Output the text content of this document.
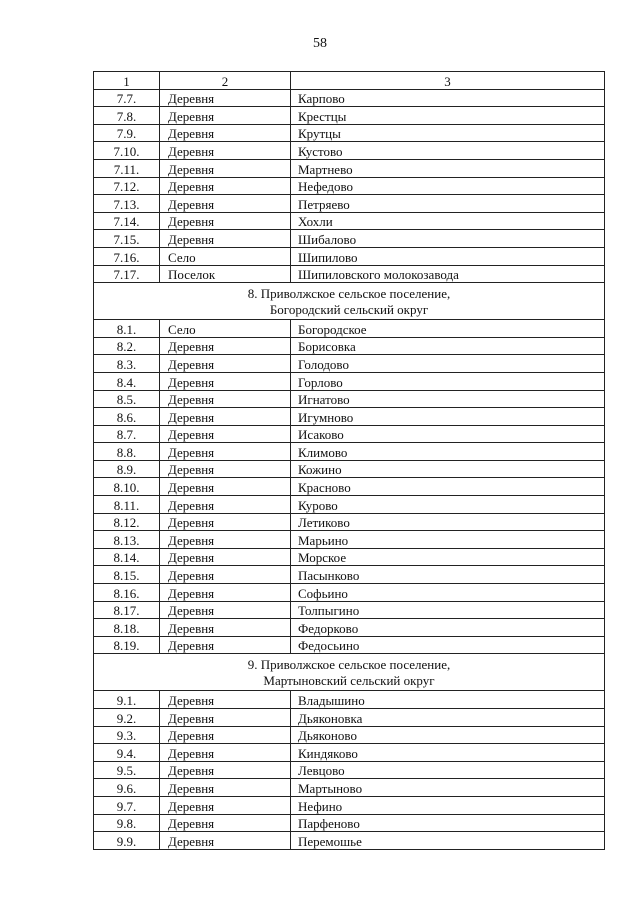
58
1	2	3
7.7.	Деревня	Карпово
7.8.	Деревня	Крестцы
7.9.	Деревня	Крутцы
7.10.	Деревня	Кустово
7.11.	Деревня	Мартнево
7.12.	Деревня	Нефедово
7.13.	Деревня	Петряево
7.14.	Деревня	Хохли
7.15.	Деревня	Шибалово
7.16.	Село	Шипилово
7.17.	Поселок	Шипиловского молокозавода

8. Приволжское сельское поселение,
Богородский сельский округ		

8.1.	Село	Богородское
8.2.	Деревня	Борисовка
8.3.	Деревня	Голодово
8.4.	Деревня	Горлово
8.5.	Деревня	Игнатово
8.6.	Деревня	Игумново
8.7.	Деревня	Исаково
8.8.	Деревня	Климово
8.9.	Деревня	Кожино
8.10.	Деревня	Красново
8.11.	Деревня	Курово
8.12.	Деревня	Летиково
8.13.	Деревня	Марьино
8.14.	Деревня	Морское
8.15.	Деревня	Пасынково
8.16.	Деревня	Софьино
8.17.	Деревня	Толпыгино
8.18.	Деревня	Федорково
8.19.	Деревня	Федосьино

9. Приволжское сельское поселение,
Мартыновский сельский округ		

9.1.	Деревня	Владышино
9.2.	Деревня	Дьяконовка
9.3.	Деревня	Дьяконово
9.4.	Деревня	Киндяково
9.5.	Деревня	Левцово
9.6.	Деревня	Мартыново
9.7.	Деревня	Нефино
9.8.	Деревня	Парфеново
9.9.	Деревня	Перемошье
